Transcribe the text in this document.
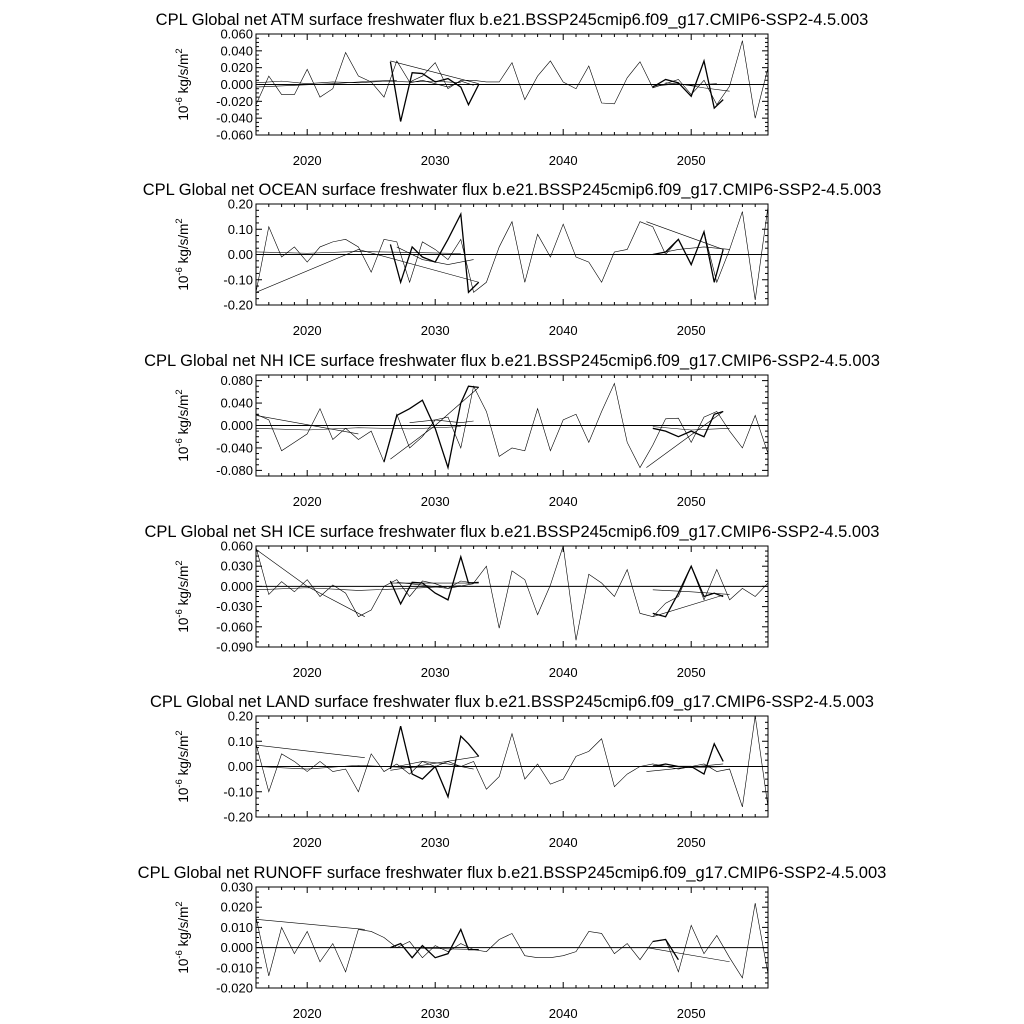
CPL Global net ATM surface freshwater flux b.e21.BSSP245cmip6.f09_g17.CMIP6-SSP2-4.5.003
2020	2030	2040	2050
-0.060
-0.040
-0.020
0.000
0.020
0.040
0.060
$10^{-6}$ $kg/s/m^2$
CPL Global net OCEAN surface freshwater flux b.e21.BSSP245cmip6.f09_g17.CMIP6-SSP2-4.5.003
2020	2030	2040	2050
-0.20
-0.10
0.00
0.10
0.20
$10^{-6}$ $kg/s/m^2$
CPL Global net NH ICE surface freshwater flux b.e21.BSSP245cmip6.f09_g17.CMIP6-SSP2-4.5.003
2020	2030	2040	2050
-0.080
-0.040
0.000
0.040
0.080
$10^{-6}$ $kg/s/m^2$
CPL Global net SH ICE surface freshwater flux b.e21.BSSP245cmip6.f09_g17.CMIP6-SSP2-4.5.003
2020	2030	2040	2050
-0.090
-0.060
-0.030
0.000
0.030
0.060
$10^{-6}$ $kg/s/m^2$
CPL Global net LAND surface freshwater flux b.e21.BSSP245cmip6.f09_g17.CMIP6-SSP2-4.5.003
2020	2030	2040	2050
-0.20
-0.10
0.00
0.10
0.20
$10^{-6}$ $kg/s/m^2$
CPL Global net RUNOFF surface freshwater flux b.e21.BSSP245cmip6.f09_g17.CMIP6-SSP2-4.5.003
2020	2030	2040	2050
-0.020
-0.010
0.000
0.010
0.020
0.030
$10^{-6}$ $kg/s/m^2$
